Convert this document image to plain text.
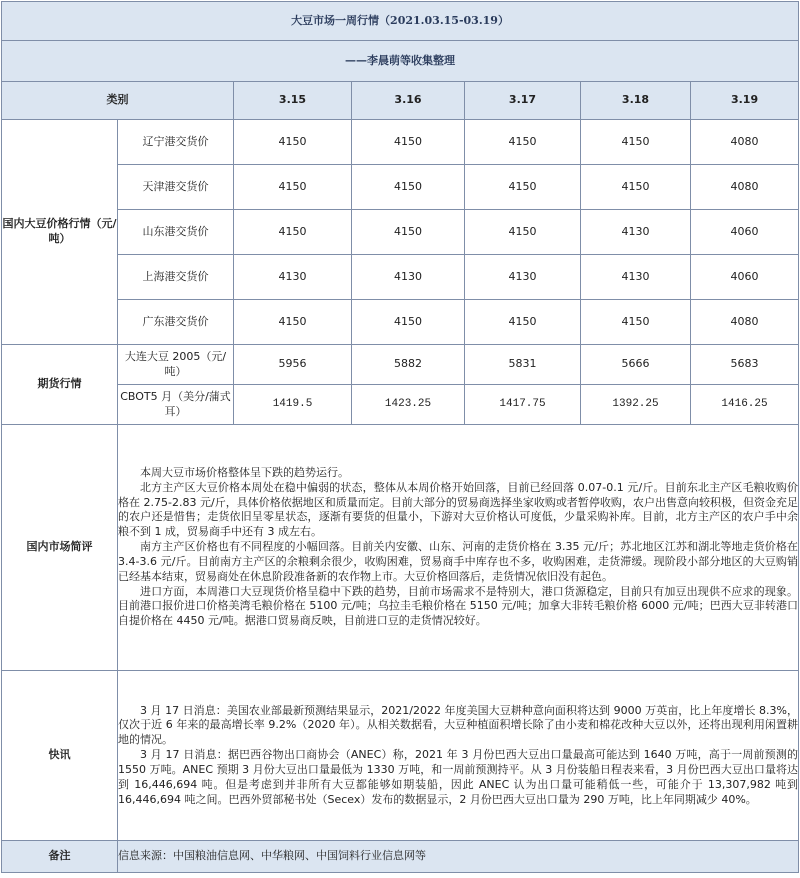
大豆市场一周行情（2021.03.15-03.19）						
——李晨萌等收集整理						
类别		3.15	3.16	3.17	3.18	3.19
国内大豆价格行情（元/吨）	辽宁港交货价	4150	4150	4150	4150	4080
	天津港交货价	4150	4150	4150	4150	4080
	山东港交货价	4150	4150	4150	4130	4060
	上海港交货价	4130	4130	4130	4130	4060
	广东港交货价	4150	4150	4150	4150	4080
期货行情	大连大豆 2005（元/吨）	5956	5882	5831	5666	5683
	CBOT5 月（美分/蒲式耳）	1419.5	1423.25	1417.75	1392.25	1416.25
国内市场简评	本周大豆市场价格整体呈下跌的趋势运行。

北方主产区大豆价格本周处在稳中偏弱的状态，整体从本周价格开始回落，目前已经回落 0.07-0.1 元/斤。目前东北主产区毛粮收购价格在 2.75-2.83 元/斤，具体价格依据地区和质量而定。目前大部分的贸易商选择坐家收购或者暂停收购，农户出售意向较积极，但资金充足的农户还是惜售；走货依旧呈零星状态，逐渐有要货的但量小，下游对大豆价格认可度低，少量采购补库。目前，北方主产区的农户手中余粮不到 1 成，贸易商手中还有 3 成左右。

南方主产区价格也有不同程度的小幅回落。目前关内安徽、山东、河南的走货价格在 3.35 元/斤；苏北地区江苏和湖北等地走货价格在 3.4-3.6 元/斤。目前南方主产区的余粮剩余很少，收购困难，贸易商手中库存也不多，收购困难，走货滞缓。现阶段小部分地区的大豆购销已经基本结束，贸易商处在休息阶段准备新的农作物上市。大豆价格回落后，走货情况依旧没有起色。

进口方面，本周港口大豆现货价格呈稳中下跌的趋势，目前市场需求不是特别大，港口货源稳定，目前只有加豆出现供不应求的现象。目前港口报价进口价格美湾毛粮价格在 5100 元/吨；乌拉圭毛粮价格在 5150 元/吨；加拿大非转毛粮价格 6000 元/吨；巴西大豆非转港口自提价格在 4450 元/吨。据港口贸易商反映，目前进口豆的走货情况较好。					

快讯	3 月 17 日消息：美国农业部最新预测结果显示，2021/2022 年度美国大豆耕种意向面积将达到 9000 万英亩，比上年度增长 8.3%，仅次于近 6 年来的最高增长率 9.2%（2020 年）。从相关数据看，大豆种植面积增长除了由小麦和棉花改种大豆以外，还将出现利用闲置耕地的情况。

3 月 17 日消息：据巴西谷物出口商协会（ANEC）称，2021 年 3 月份巴西大豆出口量最高可能达到 1640 万吨，高于一周前预测的 1550 万吨。ANEC 预期 3 月份大豆出口量最低为 1330 万吨，和一周前预测持平。从 3 月份装船日程表来看，3 月份巴西大豆出口量将达到 16,446,694 吨。但是考虑到并非所有大豆都能够如期装船，因此 ANEC 认为出口量可能稍低一些，可能介于 13,307,982 吨到 16,446,694 吨之间。巴西外贸部秘书处（Secex）发布的数据显示，2 月份巴西大豆出口量为 290 万吨，比上年同期减少 40%。					

备注	信息来源：中国粮油信息网、中华粮网、中国饲料行业信息网等					
